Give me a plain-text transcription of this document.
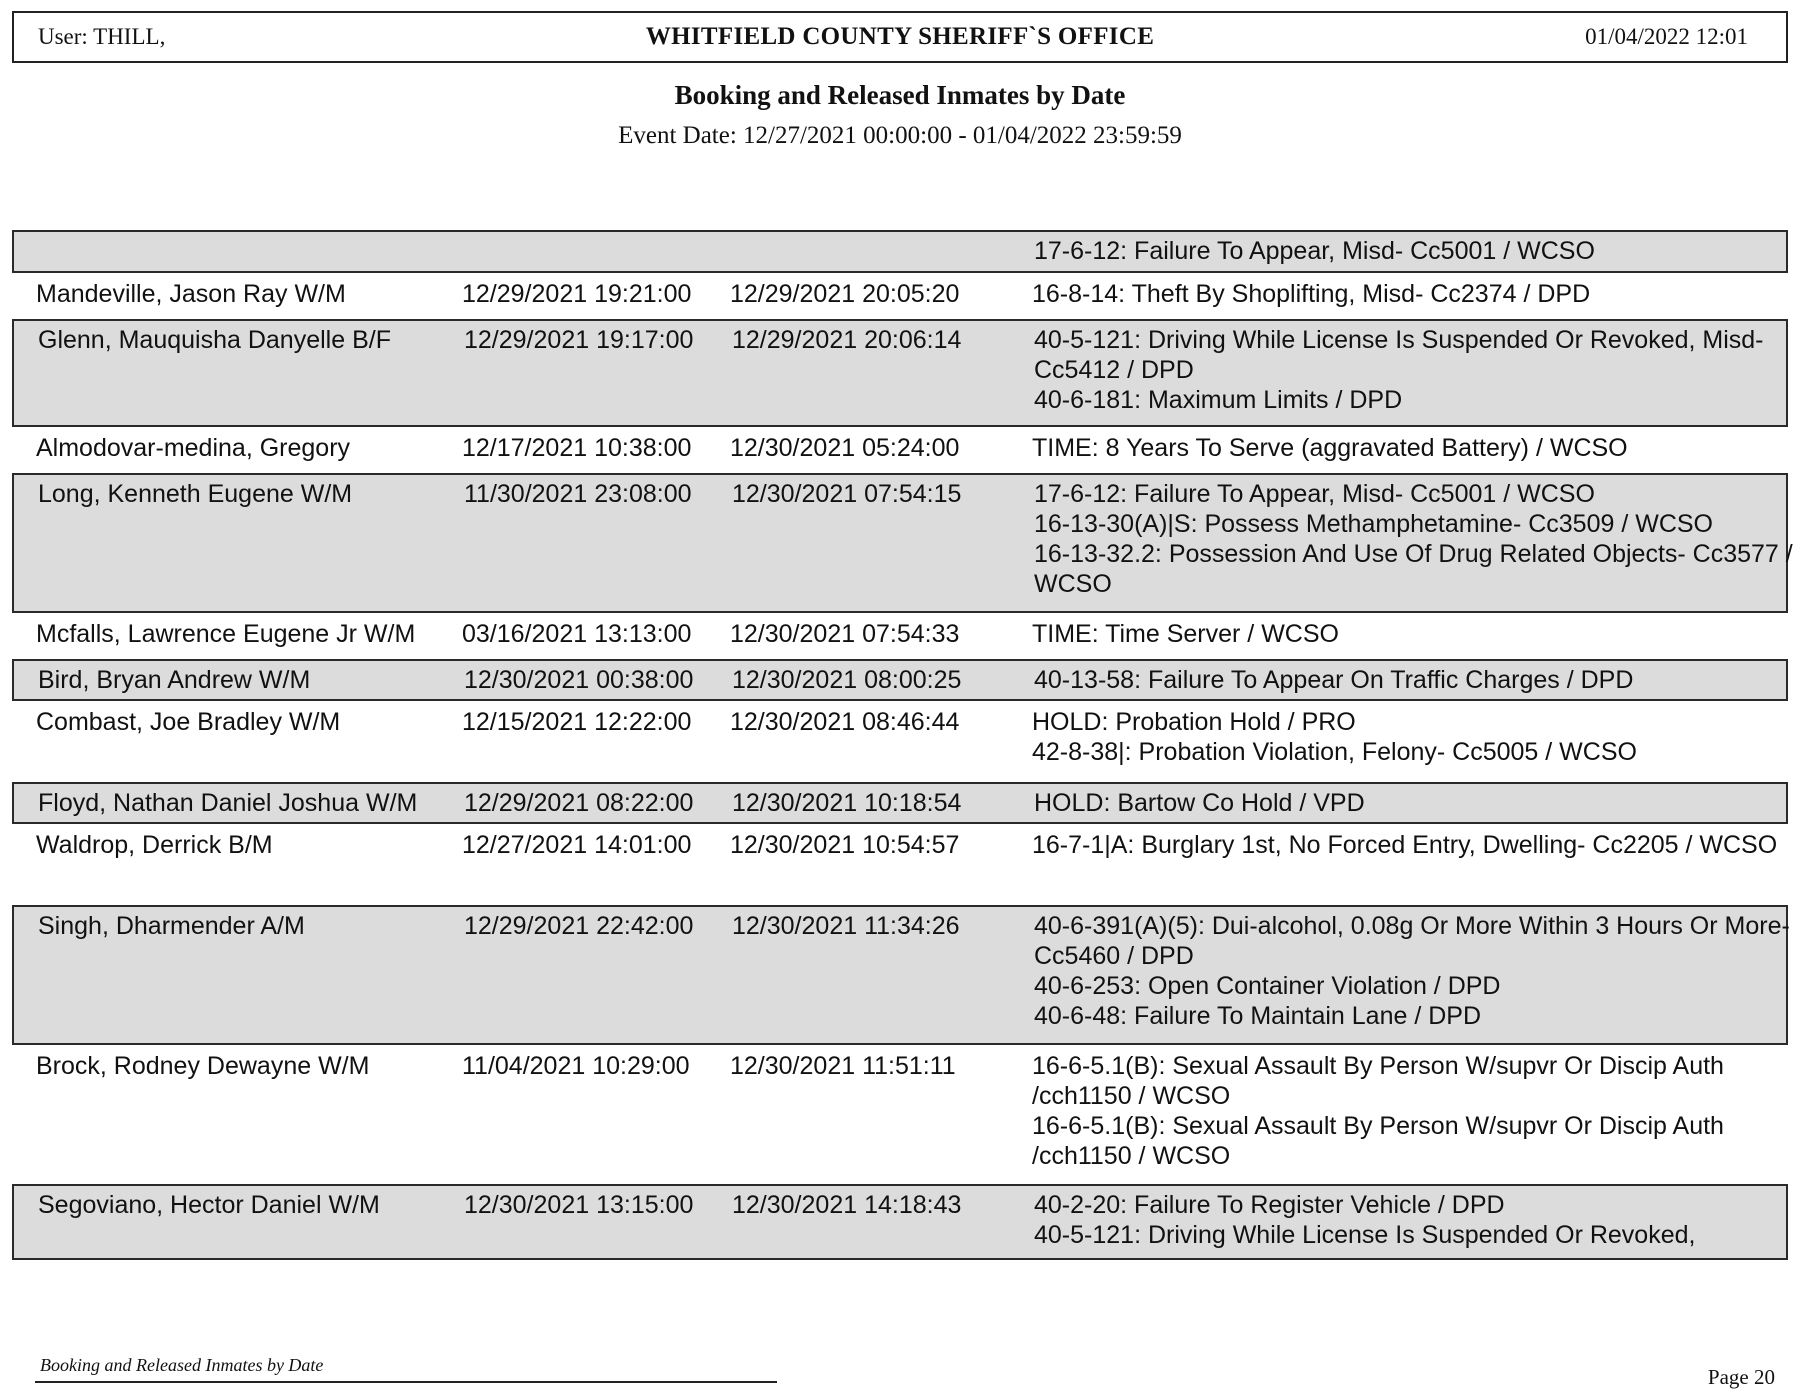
User: THILL,	WHITFIELD COUNTY SHERIFF`S OFFICE	01/04/2022 12:01
Booking and Released Inmates by Date
Event Date: 12/27/2021 00:00:00 - 01/04/2022 23:59:59
17-6-12: Failure To Appear, Misd- Cc5001 / WCSO
Mandeville, Jason Ray W/M	12/29/2021 19:21:00 12/29/2021 20:05:20	16-8-14: Theft By Shoplifting, Misd- Cc2374 / DPD
Glenn, Mauquisha Danyelle B/F	12/29/2021 19:17:00 12/29/2021 20:06:14	40-5-121: Driving While License Is Suspended Or Revoked, Misd- Cc5412 / DPD
40-6-181: Maximum Limits / DPD
Almodovar-medina, Gregory	12/17/2021 10:38:00 12/30/2021 05:24:00	TIME: 8 Years To Serve (aggravated Battery) / WCSO
Long, Kenneth Eugene W/M	11/30/2021 23:08:00 12/30/2021 07:54:15	17-6-12: Failure To Appear, Misd- Cc5001 / WCSO
16-13-30(A)|S: Possess Methamphetamine- Cc3509 / WCSO
16-13-32.2: Possession And Use Of Drug Related Objects- Cc3577 / WCSO
Mcfalls, Lawrence Eugene Jr W/M 03/16/2021 13:13:00 12/30/2021 07:54:33	TIME: Time Server / WCSO
Bird, Bryan Andrew W/M	12/30/2021 00:38:00 12/30/2021 08:00:25	40-13-58: Failure To Appear On Traffic Charges / DPD
Combast, Joe Bradley W/M	12/15/2021 12:22:00 12/30/2021 08:46:44	HOLD: Probation Hold / PRO
42-8-38|: Probation Violation, Felony- Cc5005 / WCSO
Floyd, Nathan Daniel Joshua W/M 12/29/2021 08:22:00 12/30/2021 10:18:54	HOLD: Bartow Co Hold / VPD
Waldrop, Derrick B/M	12/27/2021 14:01:00 12/30/2021 10:54:57	16-7-1|A: Burglary 1st, No Forced Entry, Dwelling- Cc2205 / WCSO
Singh, Dharmender A/M	12/29/2021 22:42:00 12/30/2021 11:34:26	40-6-391(A)(5): Dui-alcohol, 0.08g Or More Within 3 Hours Or More- Cc5460 / DPD
40-6-253: Open Container Violation / DPD
40-6-48: Failure To Maintain Lane / DPD
Brock, Rodney Dewayne W/M	11/04/2021 10:29:00 12/30/2021 11:51:11	16-6-5.1(B): Sexual Assault By Person W/supvr Or Discip Auth /cch1150 / WCSO
16-6-5.1(B): Sexual Assault By Person W/supvr Or Discip Auth /cch1150 / WCSO
Segoviano, Hector Daniel W/M	12/30/2021 13:15:00 12/30/2021 14:18:43	40-2-20: Failure To Register Vehicle / DPD
40-5-121: Driving While License Is Suspended Or Revoked,
Booking and Released Inmates by Date	Page 20
